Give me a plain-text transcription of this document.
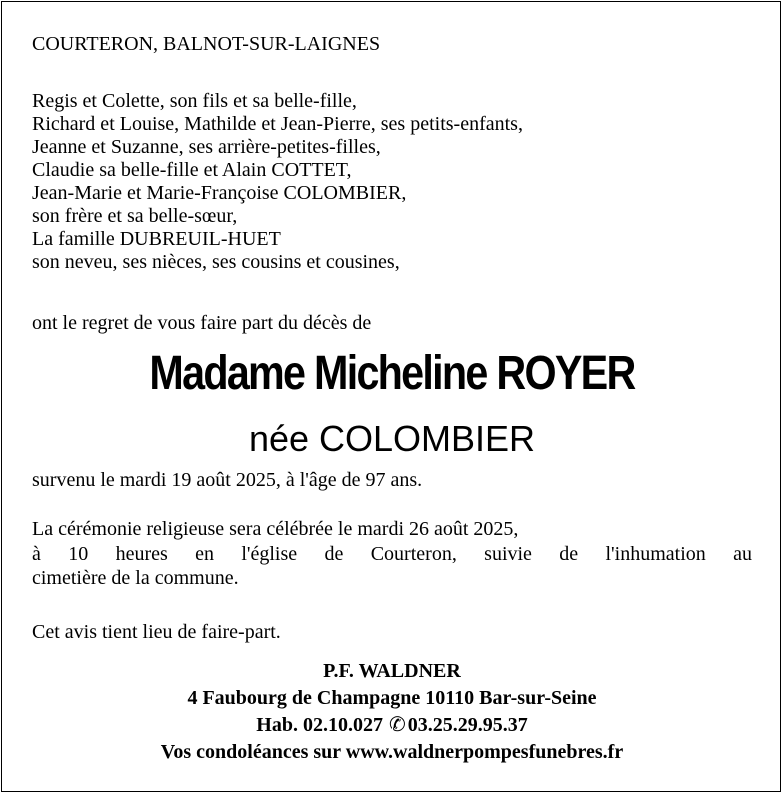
COURTERON, BALNOT-SUR-LAIGNES
Regis et Colette, son fils et sa belle-fille,
Richard et Louise, Mathilde et Jean-Pierre, ses petits-enfants,
Jeanne et Suzanne, ses arrière-petites-filles,
Claudie sa belle-fille et Alain COTTET,
Jean-Marie et Marie-Françoise COLOMBIER,
son frère et sa belle-sœur,
La famille DUBREUIL-HUET
son neveu, ses nièces, ses cousins et cousines,
ont le regret de vous faire part du décès de
Madame Micheline ROYER
née COLOMBIER
survenu le mardi 19 août 2025, à l'âge de 97 ans.
La cérémonie religieuse sera célébrée le mardi 26 août 2025,
à 10 heures en l'église de Courteron, suivie de l'inhumation au
cimetière de la commune.
Cet avis tient lieu de faire-part.
P.F. WALDNER
4 Faubourg de Champagne 10110 Bar-sur-Seine
Hab. 02.10.027 ✆ 03.25.29.95.37
Vos condoléances sur www.waldnerpompesfunebres.fr
